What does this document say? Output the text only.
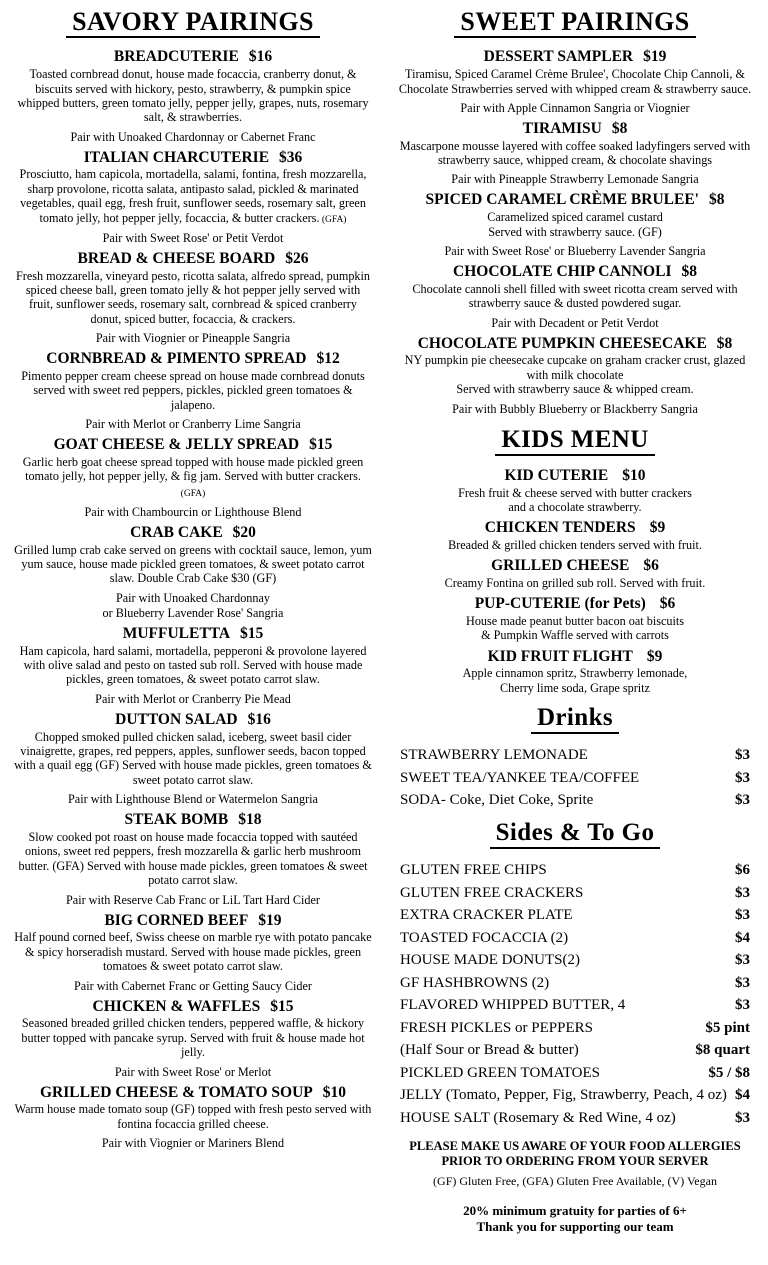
SAVORY PAIRINGS
BREADCUTERIE $16
Toasted cornbread donut, house made focaccia, cranberry donut, & biscuits served with hickory, pesto, strawberry, & pumpkin spice whipped butters, green tomato jelly, pepper jelly, grapes, nuts, rosemary salt, & strawberries.
Pair with Unoaked Chardonnay or Cabernet Franc
ITALIAN CHARCUTERIE $36
Prosciutto, ham capicola, mortadella, salami, fontina, fresh mozzarella, sharp provolone, ricotta salata, antipasto salad, pickled & marinated vegetables, quail egg, fresh fruit, sunflower seeds, rosemary salt, green tomato jelly, hot pepper jelly, focaccia, & butter crackers. (GFA)
Pair with Sweet Rose' or Petit Verdot
BREAD & CHEESE BOARD $26
Fresh mozzarella, vineyard pesto, ricotta salata, alfredo spread, pumpkin spiced cheese ball, green tomato jelly & hot pepper jelly served with fruit, sunflower seeds, rosemary salt, cornbread & spiced cranberry donut, spiced butter, focaccia, & crackers.
Pair with Viognier or Pineapple Sangria
CORNBREAD & PIMENTO SPREAD $12
Pimento pepper cream cheese spread on house made cornbread donuts served with sweet red peppers, pickles, pickled green tomatoes & jalapeno.
Pair with Merlot or Cranberry Lime Sangria
GOAT CHEESE & JELLY SPREAD $15
Garlic herb goat cheese spread topped with house made pickled green tomato jelly, hot pepper jelly, & fig jam. Served with butter crackers. (GFA)
Pair with Chambourcin or Lighthouse Blend
CRAB CAKE $20
Grilled lump crab cake served on greens with cocktail sauce, lemon, yum yum sauce, house made pickled green tomatoes, & sweet potato carrot slaw. Double Crab Cake $30 (GF)
Pair with Unoaked Chardonnay
or Blueberry Lavender Rose' Sangria
MUFFULETTA $15
Ham capicola, hard salami, mortadella, pepperoni & provolone layered with olive salad and pesto on tasted sub roll. Served with house made pickles, green tomatoes, & sweet potato carrot slaw.
Pair with Merlot or Cranberry Pie Mead
DUTTON SALAD $16
Chopped smoked pulled chicken salad, iceberg, sweet basil cider vinaigrette, grapes, red peppers, apples, sunflower seeds, bacon topped with a quail egg (GF) Served with house made pickles, green tomatoes & sweet potato carrot slaw.
Pair with Lighthouse Blend or Watermelon Sangria
STEAK BOMB $18
Slow cooked pot roast on house made focaccia topped with sautéed onions, sweet red peppers, fresh mozzarella & garlic herb mushroom butter. (GFA) Served with house made pickles, green tomatoes & sweet potato carrot slaw.
Pair with Reserve Cab Franc or LiL Tart Hard Cider
BIG CORNED BEEF $19
Half pound corned beef, Swiss cheese on marble rye with potato pancake & spicy horseradish mustard. Served with house made pickles, green tomatoes & sweet potato carrot slaw.
Pair with Cabernet Franc or Getting Saucy Cider
CHICKEN & WAFFLES $15
Seasoned breaded grilled chicken tenders, peppered waffle, & hickory butter topped with pancake syrup. Served with fruit & house made hot jelly.
Pair with Sweet Rose' or Merlot
GRILLED CHEESE & TOMATO SOUP $10
Warm house made tomato soup (GF) topped with fresh pesto served with fontina focaccia grilled cheese.
Pair with Viognier or Mariners Blend
SWEET PAIRINGS
DESSERT SAMPLER $19
Tiramisu, Spiced Caramel Crème Brulee', Chocolate Chip Cannoli, & Chocolate Strawberries served with whipped cream & strawberry sauce.
Pair with Apple Cinnamon Sangria or Viognier
TIRAMISU $8
Mascarpone mousse layered with coffee soaked ladyfingers served with strawberry sauce, whipped cream, & chocolate shavings
Pair with Pineapple Strawberry Lemonade Sangria
SPICED CARAMEL CRÈME BRULEE' $8
Caramelized spiced caramel custard
Served with strawberry sauce. (GF)
Pair with Sweet Rose' or Blueberry Lavender Sangria
CHOCOLATE CHIP CANNOLI $8
Chocolate cannoli shell filled with sweet ricotta cream served with strawberry sauce & dusted powdered sugar.
Pair with Decadent or Petit Verdot
CHOCOLATE PUMPKIN CHEESECAKE $8
NY pumpkin pie cheesecake cupcake on graham cracker crust, glazed with milk chocolate
Served with strawberry sauce & whipped cream.
Pair with Bubbly Blueberry or Blackberry Sangria
KIDS MENU
KID CUTERIE $10
Fresh fruit & cheese served with butter crackers
and a chocolate strawberry.
CHICKEN TENDERS $9
Breaded & grilled chicken tenders served with fruit.
GRILLED CHEESE $6
Creamy Fontina on grilled sub roll. Served with fruit.
PUP-CUTERIE (for Pets) $6
House made peanut butter bacon oat biscuits
& Pumpkin Waffle served with carrots
KID FRUIT FLIGHT $9
Apple cinnamon spritz, Strawberry lemonade,
Cherry lime soda, Grape spritz
Drinks
STRAWBERRY LEMONADE	$3
SWEET TEA/YANKEE TEA/COFFEE	$3
SODA- Coke, Diet Coke, Sprite	$3
Sides & To Go
GLUTEN FREE CHIPS	$6
GLUTEN FREE CRACKERS	$3
EXTRA CRACKER PLATE	$3
TOASTED FOCACCIA (2)	$4
HOUSE MADE DONUTS(2)	$3
GF HASHBROWNS (2)	$3
FLAVORED WHIPPED BUTTER, 4	$3
FRESH PICKLES or PEPPERS	$5 pint
(Half Sour or Bread & butter)	$8 quart
PICKLED GREEN TOMATOES	$5 / $8
JELLY (Tomato, Pepper, Fig, Strawberry, Peach, 4 oz) $4
HOUSE SALT (Rosemary & Red Wine, 4 oz)	$3
PLEASE MAKE US AWARE OF YOUR FOOD ALLERGIES
PRIOR TO ORDERING FROM YOUR SERVER
(GF) Gluten Free, (GFA) Gluten Free Available, (V) Vegan
20% minimum gratuity for parties of 6+
Thank you for supporting our team
